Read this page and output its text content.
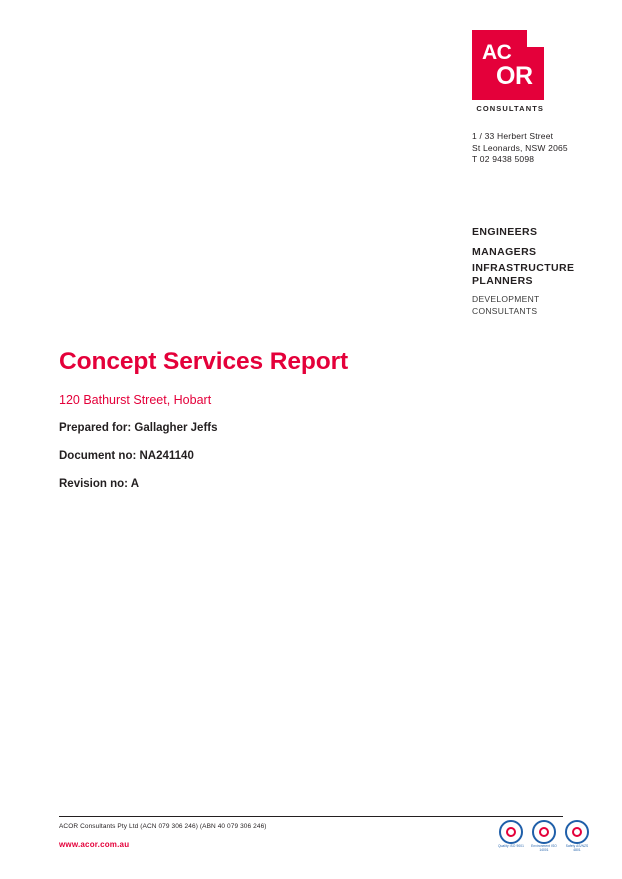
AC
OR
CONSULTANTS
1 / 33 Herbert Street
St Leonards, NSW 2065
T 02 9438 5098
ENGINEERS
MANAGERS
INFRASTRUCTURE PLANNERS
DEVELOPMENT
CONSULTANTS
Concept Services Report
120 Bathurst Street, Hobart
Prepared for: Gallagher Jeffs
Document no: NA241140
Revision no: A
ACOR Consultants Pty Ltd (ACN 079 306 246) (ABN 40 079 306 246)
www.acor.com.au	Quality ISO 9001	Environment ISO 14001
Safety AS/NZS 4801
